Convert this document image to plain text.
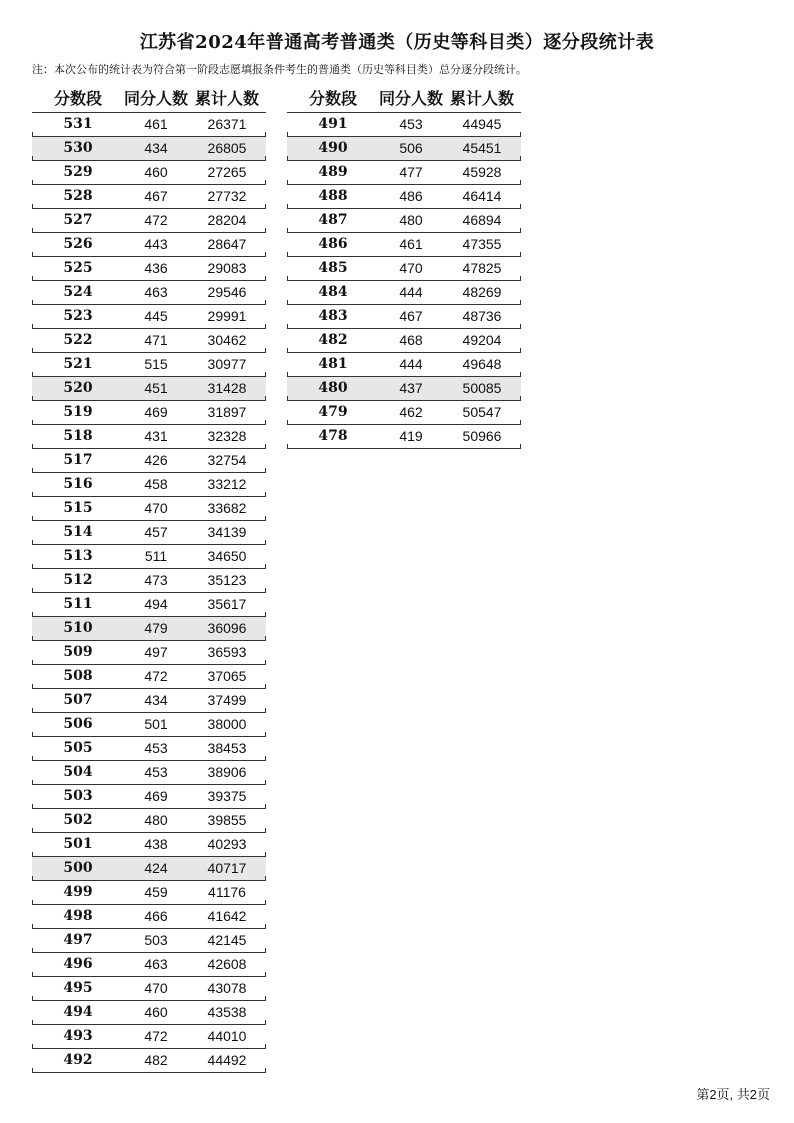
江苏省2024年普通高考普通类（历史等科目类）逐分段统计表
注：本次公布的统计表为符合第一阶段志愿填报条件考生的普通类（历史等科目类）总分逐分段统计。
分数段	同分人数 累计人数
531	461	26371
530	434	26805
529	460	27265
528	467	27732
527	472	28204
526	443	28647
525	436	29083
524	463	29546
523	445	29991
522	471	30462
521	515	30977
520	451	31428
519	469	31897
518	431	32328
517	426	32754
516	458	33212
515	470	33682
514	457	34139
513	511	34650
512	473	35123
511	494	35617
510	479	36096
509	497	36593
508	472	37065
507	434	37499
506	501	38000
505	453	38453
504	453	38906
503	469	39375
502	480	39855
501	438	40293
500	424	40717
499	459	41176
498	466	41642
497	503	42145
496	463	42608
495	470	43078
494	460	43538
493	472	44010
492	482	44492
分数段	同分人数 累计人数
491	453	44945
490	506	45451
489	477	45928
488	486	46414
487	480	46894
486	461	47355
485	470	47825
484	444	48269
483	467	48736
482	468	49204
481	444	49648
480	437	50085
479	462	50547
478	419	50966
第2页, 共2页
